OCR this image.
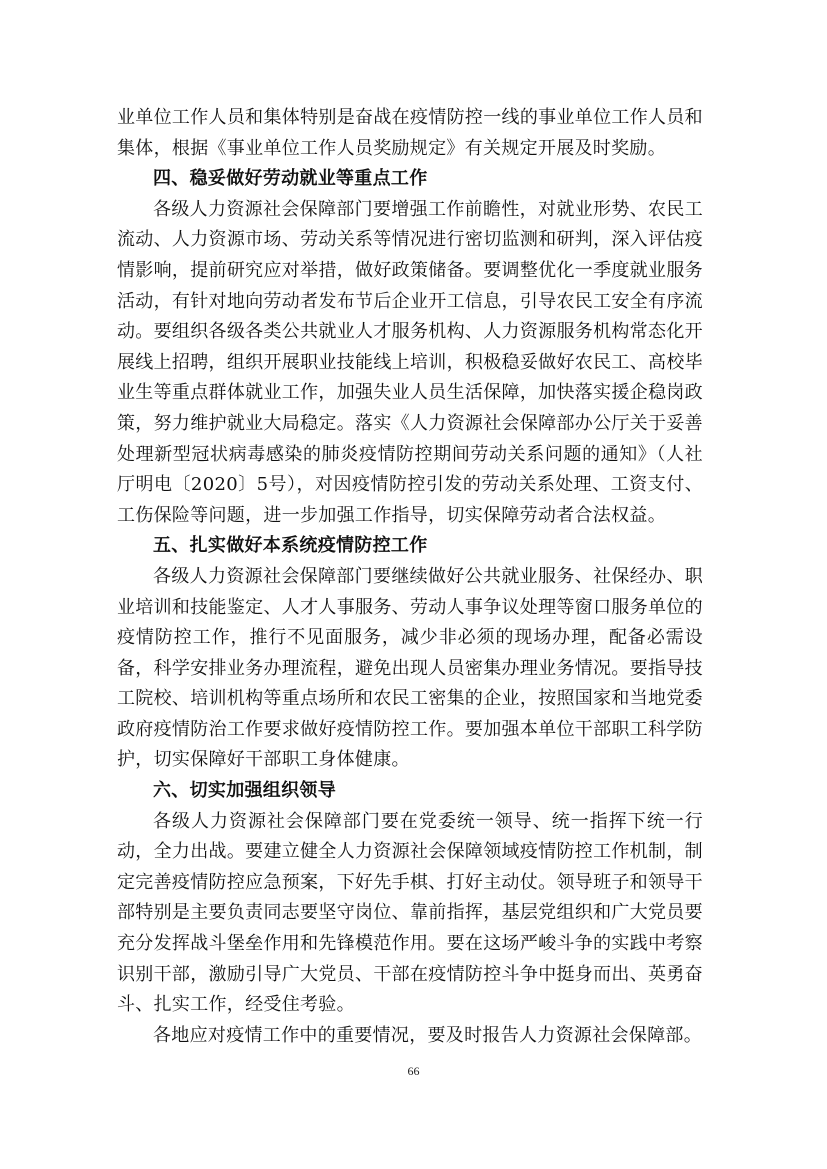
业单位工作人员和集体特别是奋战在疫情防控一线的事业单位工作人员和集体，根据《事业单位工作人员奖励规定》有关规定开展及时奖励。

四、稳妥做好劳动就业等重点工作

各级人力资源社会保障部门要增强工作前瞻性，对就业形势、农民工流动、人力资源市场、劳动关系等情况进行密切监测和研判，深入评估疫情影响，提前研究应对举措，做好政策储备。要调整优化一季度就业服务活动，有针对地向劳动者发布节后企业开工信息，引导农民工安全有序流动。要组织各级各类公共就业人才服务机构、人力资源服务机构常态化开展线上招聘，组织开展职业技能线上培训，积极稳妥做好农民工、高校毕业生等重点群体就业工作，加强失业人员生活保障，加快落实援企稳岗政策，努力维护就业大局稳定。落实《人力资源社会保障部办公厅关于妥善处理新型冠状病毒感染的肺炎疫情防控期间劳动关系问题的通知》（人社厅明电〔2020〕5号），对因疫情防控引发的劳动关系处理、工资支付、工伤保险等问题，进一步加强工作指导，切实保障劳动者合法权益。

五、扎实做好本系统疫情防控工作

各级人力资源社会保障部门要继续做好公共就业服务、社保经办、职业培训和技能鉴定、人才人事服务、劳动人事争议处理等窗口服务单位的疫情防控工作，推行不见面服务，减少非必须的现场办理，配备必需设备，科学安排业务办理流程，避免出现人员密集办理业务情况。要指导技工院校、培训机构等重点场所和农民工密集的企业，按照国家和当地党委政府疫情防治工作要求做好疫情防控工作。要加强本单位干部职工科学防护，切实保障好干部职工身体健康。

六、切实加强组织领导

各级人力资源社会保障部门要在党委统一领导、统一指挥下统一行动，全力出战。要建立健全人力资源社会保障领域疫情防控工作机制，制定完善疫情防控应急预案，下好先手棋、打好主动仗。领导班子和领导干部特别是主要负责同志要坚守岗位、靠前指挥，基层党组织和广大党员要充分发挥战斗堡垒作用和先锋模范作用。要在这场严峻斗争的实践中考察识别干部，激励引导广大党员、干部在疫情防控斗争中挺身而出、英勇奋斗、扎实工作，经受住考验。

各地应对疫情工作中的重要情况，要及时报告人力资源社会保障部。

66
